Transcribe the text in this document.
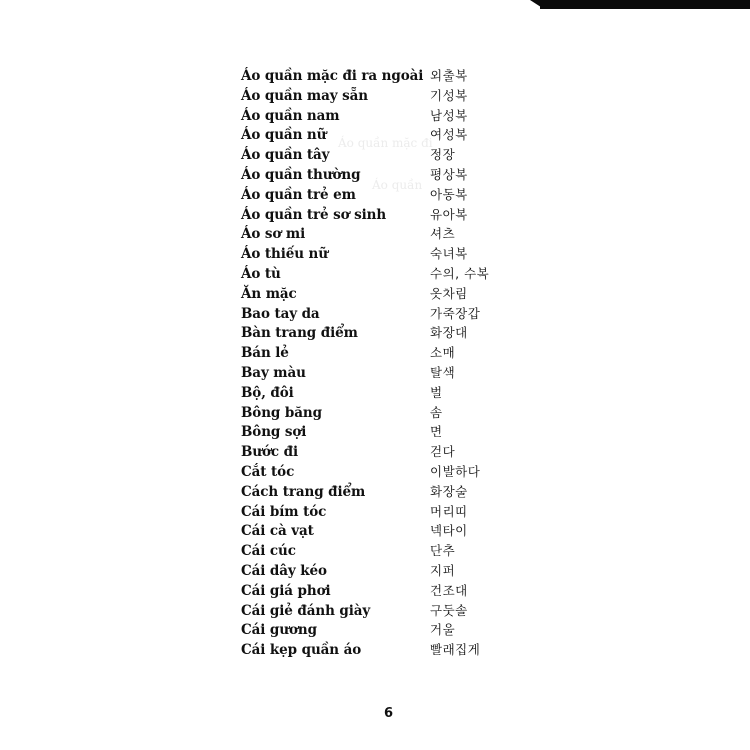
Áo quần mặc đi
Áo quần
Áo quần mặc đi ra ngoài 외출복
Áo quần may sẵn	기성복
Áo quần nam	남성복
Áo quần nữ	여성복
Áo quần tây	정장
Áo quần thường	평상복
Áo quần trẻ em	아동복
Áo quần trẻ sơ sinh	유아복
Áo sơ mi	셔츠
Áo thiếu nữ	숙녀복
Áo tù	수의, 수복
Ăn mặc	옷차림
Bao tay da	가죽장갑
Bàn trang điểm	화장대
Bán lẻ	소매
Bay màu	탈색
Bộ, đôi	벌
Bông băng	솜
Bông sợi	면
Bước đi	걷다
Cắt tóc	이발하다
Cách trang điểm	화장술
Cái bím tóc	머리띠
Cái cà vạt	넥타이
Cái cúc	단추
Cái dây kéo	지퍼
Cái giá phơi	건조대
Cái giẻ đánh giày	구둣솔
Cái gương	거울
Cái kẹp quần áo	빨래집게
6
